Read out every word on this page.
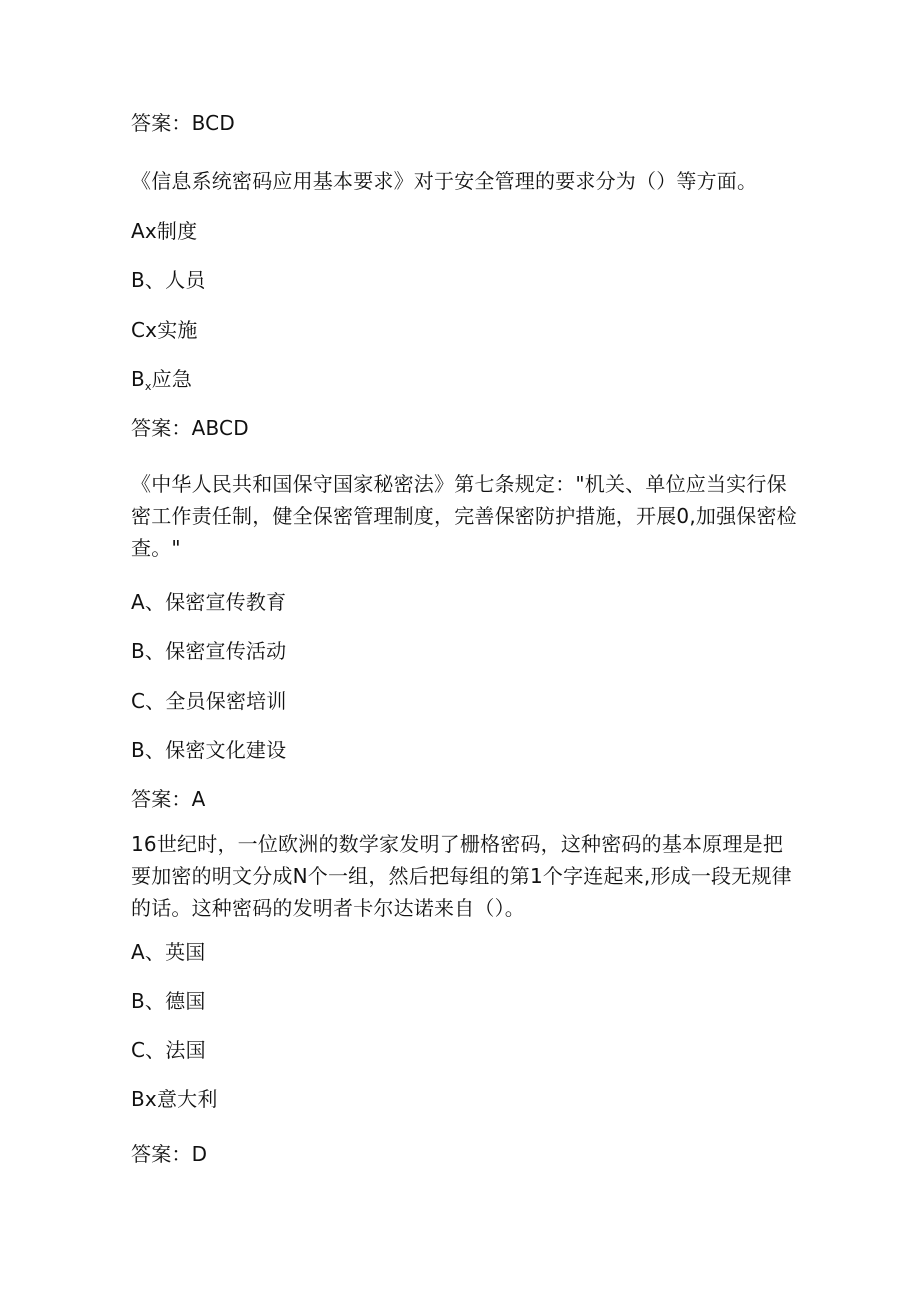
答案：BCD
《信息系统密码应用基本要求》对于安全管理的要求分为（）等方面。
Ax制度
B、人员
Cx实施
$B_x$应急
答案：ABCD
《中华人民共和国保守国家秘密法》第七条规定："机关、单位应当实行保密工作责任制，健全保密管理制度，完善保密防护措施，开展0,加强保密检查。"
A、保密宣传教育
B、保密宣传活动
C、全员保密培训
B、保密文化建设
答案：A
16世纪时，一位欧洲的数学家发明了栅格密码，这种密码的基本原理是把要加密的明文分成N个一组，然后把每组的第1个字连起来,形成一段无规律的话。这种密码的发明者卡尔达诺来自（）。
A、英国
B、德国
C、法国
Bx意大利
答案：D
